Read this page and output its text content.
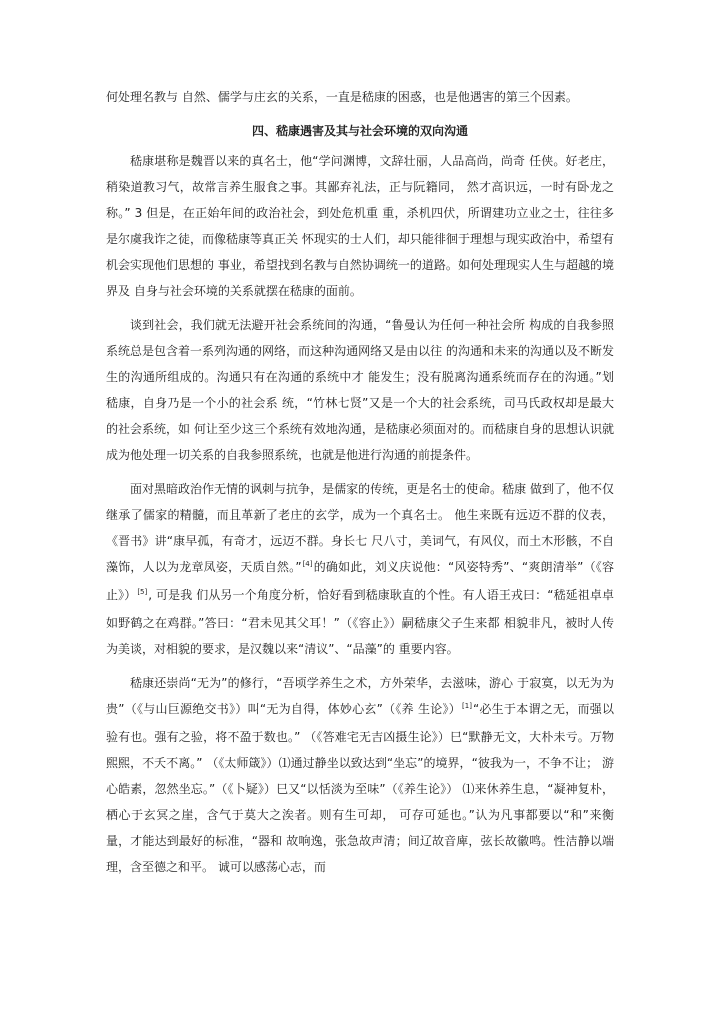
何处理名教与 自然、儒学与庄玄的关系，一直是嵇康的困惑，也是他遇害的第三个因素。

四、嵇康遇害及其与社会环境的双向沟通

嵇康堪称是魏晋以来的真名士，他“学问渊博，文辞壮丽，人品高尚，尚奇 任侠。好老庄，稍染道教习气，故常言养生服食之事。其鄙弃礼法，正与阮籍同， 然才高识远，一时有卧龙之称。” 3 但是，在正始年间的政治社会，到处危机重 重，杀机四伏，所谓建功立业之士，往往多是尔虞我诈之徒，而像嵇康等真正关 怀现实的士人们，却只能徘徊于理想与现实政治中，希望有机会实现他们思想的 事业，希望找到名教与自然协调统一的道路。如何处理现实人生与超越的境界及 自身与社会环境的关系就摆在嵇康的面前。

谈到社会，我们就无法避开社会系统间的沟通，“鲁曼认为任何一种社会所 构成的自我参照系统总是包含着一系列沟通的网络，而这种沟通网络又是由以往 的沟通和未来的沟通以及不断发生的沟通所组成的。沟通只有在沟通的系统中才 能发生；没有脱离沟通系统而存在的沟通。”划嵇康，自身乃是一个小的社会系 统，“竹林七贤”又是一个大的社会系统，司马氏政权却是最大的社会系统，如 何让至少这三个系统有效地沟通，是嵇康必须面对的。而嵇康自身的思想认识就 成为他处理一切关系的自我参照系统，也就是他进行沟通的前提条件。

面对黑暗政治作无情的讽刺与抗争，是儒家的传统，更是名士的使命。嵇康 做到了，他不仅继承了儒家的精髓，而且革新了老庄的玄学，成为一个真名士。 他生来既有远迈不群的仪表，《晋书》讲“康早孤，有奇才，远迈不群。身长七 尺八寸，美词气，有风仪，而土木形骸，不自藻饰，人以为龙章凤姿，天质自然。”[4]的确如此，刘义庆说他：“风姿特秀”、“爽朗清举”（《容止》）[5], 可是我 们从另一个角度分析，恰好看到嵇康耿直的个性。有人语王戎曰：“嵇延祖卓卓 如野鹤之在鸡群。”答曰：“君未见其父耳！”（《容止》）嗣嵇康父子生来都 相貌非凡，被时人传为美谈，对相貌的要求，是汉魏以来“清议”、“品藻”的 重要内容。

嵇康还崇尚“无为”的修行，“吾顷学养生之术，方外荣华，去滋味，游心 于寂寞，以无为为贵”（《与山巨源绝交书》）叫“无为自得，体妙心玄”（《养 生论》）[1]“必生于本谓之无，而强以验有也。强有之验，将不盈于数也。” （《答难宅无吉凶摄生论》）巳“默静无文，大朴未亏。万物熙熙，不夭不离。” （《太师箴》）⑴通过静坐以致达到“坐忘”的境界，“彼我为一，不争不让； 游心皓素，忽然坐忘。”（《卜疑》）巳又“以恬淡为至味”（《养生论》） ⑴来休养生息，“凝神复朴，栖心于玄冥之崖，含气于莫大之涘者。则有生可却， 可存可延也。”认为凡事都要以“和”来衡量，才能达到最好的标准，“器和 故响逸，张急故声清；间辽故音庳，弦长故徽鸣。性洁静以端理，含至德之和平。 诚可以感荡心志，而
